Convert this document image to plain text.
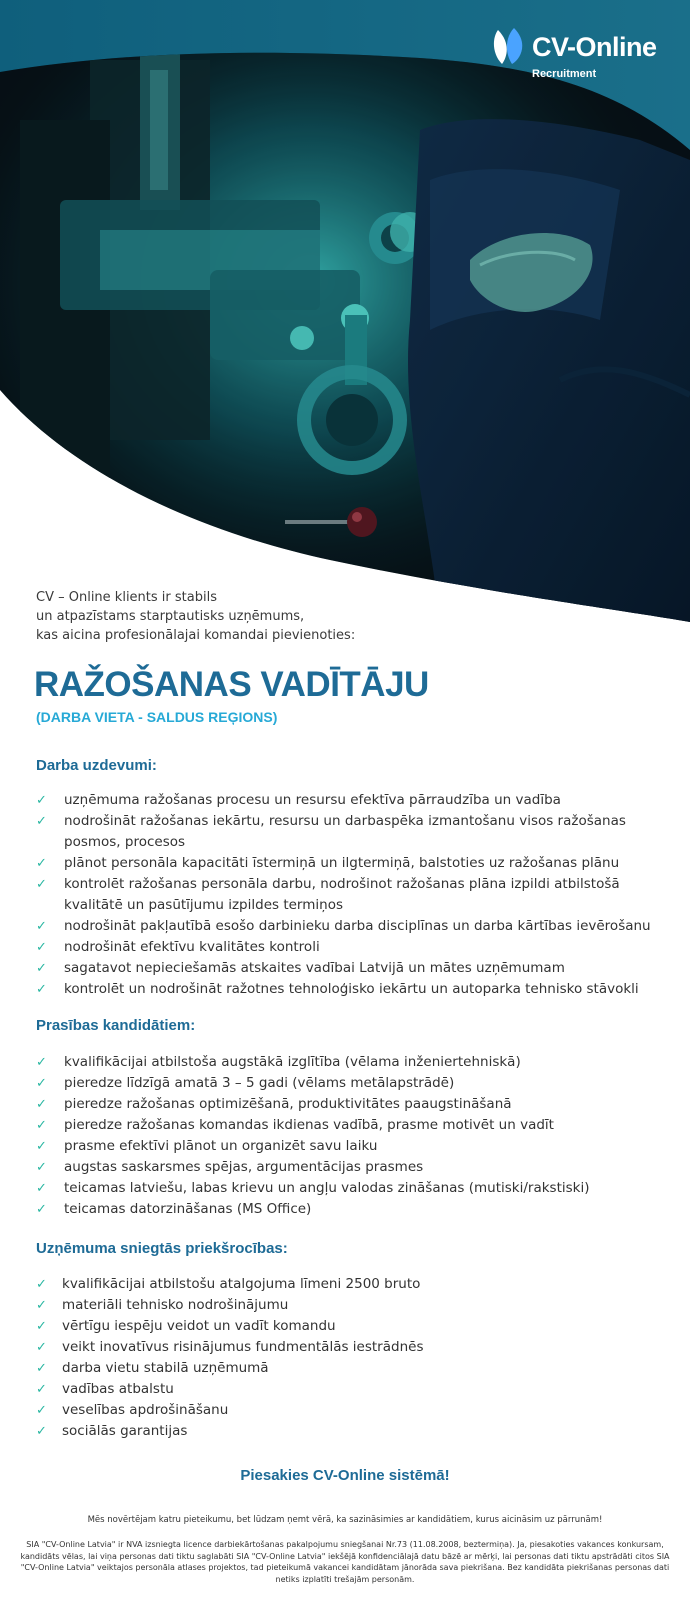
CV-Online
Recruitment
CV – Online klients ir stabils
un atpazīstams starptautisks uzņēmums,
kas aicina profesionālajai komandai pievienoties:
RAŽOŠANAS VADĪTĀJU
(DARBA VIETA - SALDUS REĢIONS)
Darba uzdevumi:
✓ uzņēmuma ražošanas procesu un resursu efektīva pārraudzība un vadība
✓ nodrošināt ražošanas iekārtu, resursu un darbaspēka izmantošanu visos ražošanas posmos, procesos
✓ plānot personāla kapacitāti īstermiņā un ilgtermiņā, balstoties uz ražošanas plānu
✓ kontrolēt ražošanas personāla darbu, nodrošinot ražošanas plāna izpildi atbilstošā kvalitātē un pasūtījumu izpildes termiņos
✓ nodrošināt pakļautībā esošo darbinieku darba disciplīnas un darba kārtības ievērošanu
✓ nodrošināt efektīvu kvalitātes kontroli
✓ sagatavot nepieciešamās atskaites vadībai Latvijā un mātes uzņēmumam
✓ kontrolēt un nodrošināt ražotnes tehnoloģisko iekārtu un autoparka tehnisko stāvokli
Prasības kandidātiem:
✓ kvalifikācijai atbilstoša augstākā izglītība (vēlama inženiertehniskā)
✓ pieredze līdzīgā amatā 3 – 5 gadi (vēlams metālapstrādē)
✓ pieredze ražošanas optimizēšanā, produktivitātes paaugstināšanā
✓ pieredze ražošanas komandas ikdienas vadībā, prasme motivēt un vadīt
✓ prasme efektīvi plānot un organizēt savu laiku
✓ augstas saskarsmes spējas, argumentācijas prasmes
✓ teicamas latviešu, labas krievu un angļu valodas zināšanas (mutiski/rakstiski)
✓ teicamas datorzināšanas (MS Office)
Uzņēmuma sniegtās priekšrocības:
✓ kvalifikācijai atbilstošu atalgojuma līmeni 2500 bruto
✓ materiāli tehnisko nodrošinājumu
✓ vērtīgu iespēju veidot un vadīt komandu
✓ veikt inovatīvus risinājumus fundmentālās iestrādnēs
✓ darba vietu stabilā uzņēmumā
✓ vadības atbalstu
✓ veselības apdrošināšanu
✓ sociālās garantijas
Piesakies CV-Online sistēmā!
Mēs novērtējam katru pieteikumu, bet lūdzam ņemt vērā, ka sazināsimies ar kandidātiem, kurus aicināsim uz pārrunām!
SIA "CV-Online Latvia" ir NVA izsniegta licence darbiekārtošanas pakalpojumu sniegšanai Nr.73 (11.08.2008, beztermiņa). Ja, piesakoties vakances konkursam, kandidāts vēlas, lai viņa personas dati tiktu saglabāti SIA "CV-Online Latvia" iekšējā konfidenciālajā datu bāzē ar mērķi, lai personas dati tiktu apstrādāti citos SIA "CV-Online Latvia" veiktajos personāla atlases projektos, tad pieteikumā vakancei kandidātam jānorāda sava piekrišana. Bez kandidāta piekrišanas personas dati netiks izplatīti trešajām personām.
